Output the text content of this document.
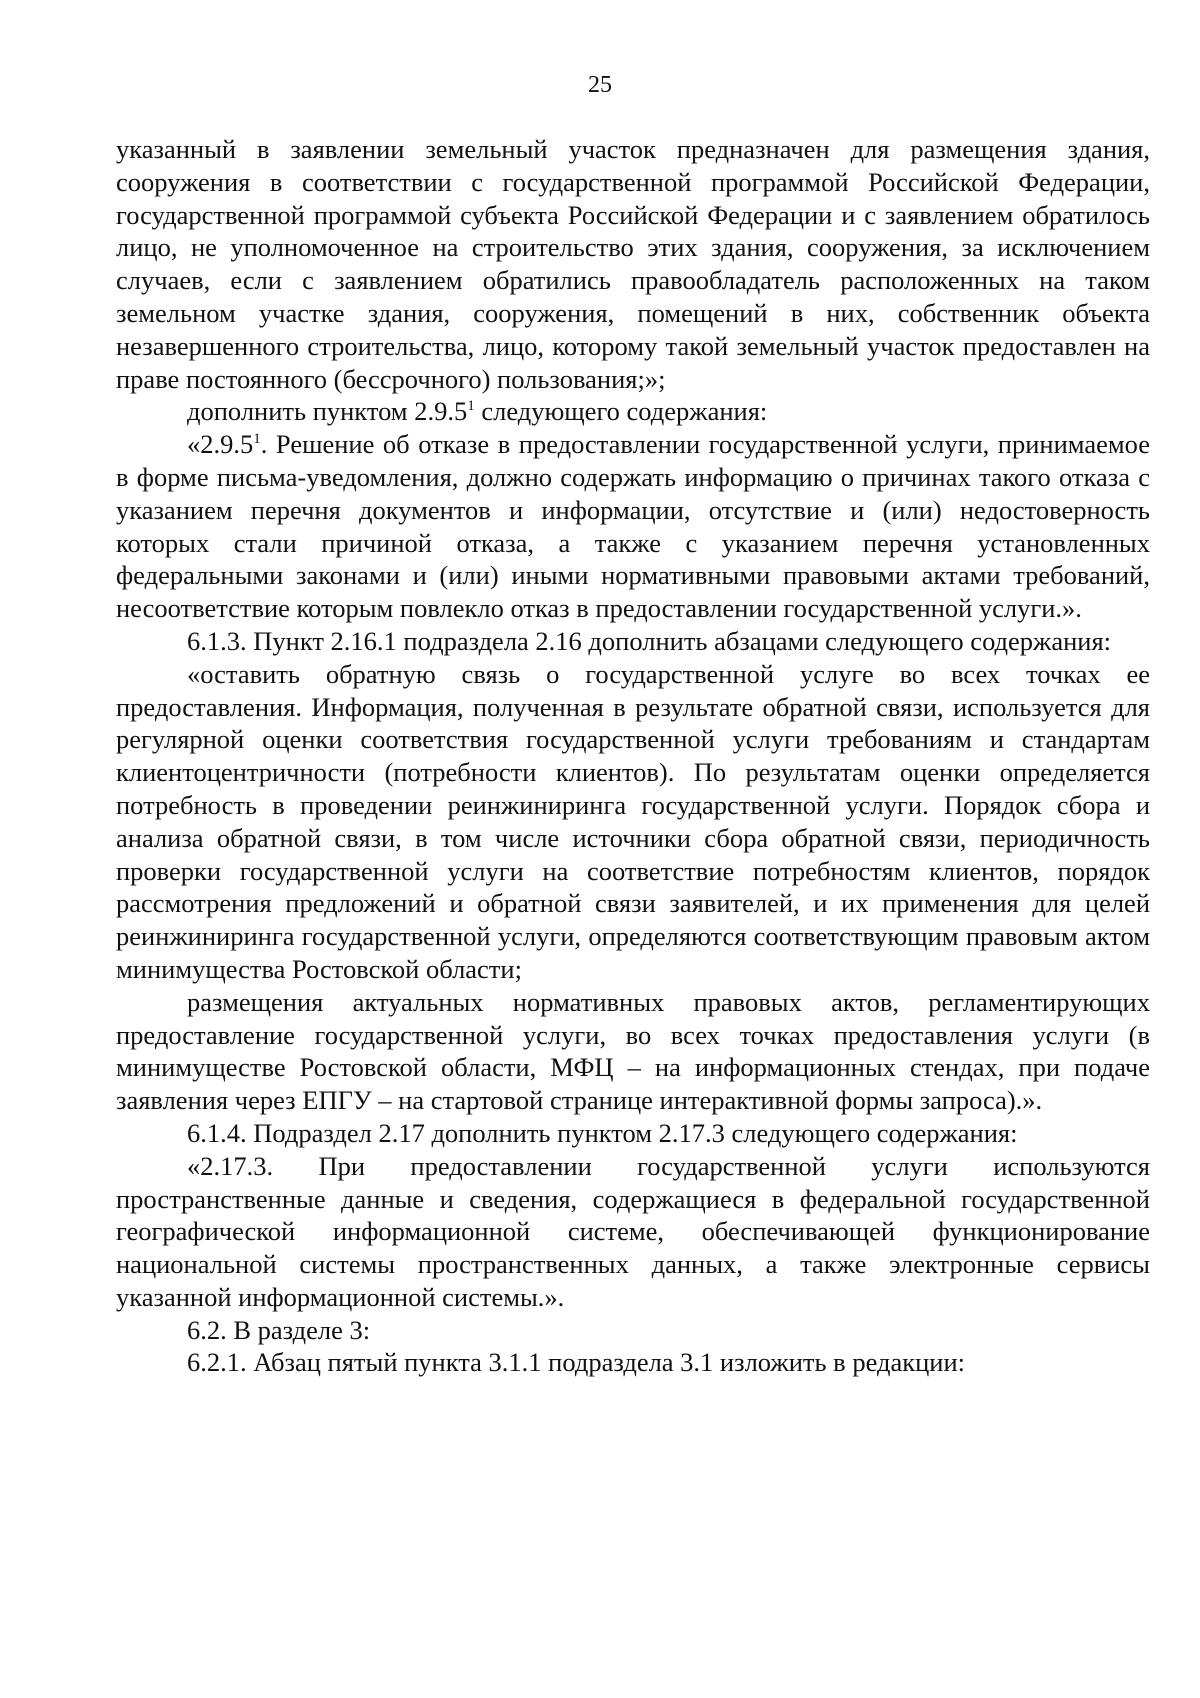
25

указанный в заявлении земельный участок предназначен для размещения здания, сооружения в соответствии с государственной программой Российской Федерации, государственной программой субъекта Российской Федерации и с заявлением обратилось лицо, не уполномоченное на строительство этих здания, сооружения, за исключением случаев, если с заявлением обратились правообладатель расположенных на таком земельном участке здания, сооружения, помещений в них, собственник объекта незавершенного строительства, лицо, которому такой земельный участок предоставлен на праве постоянного (бессрочного) пользования;»;

дополнить пунктом 2.9.5$^1$ следующего содержания:

«2.9.5$^1$. Решение об отказе в предоставлении государственной услуги, принимаемое в форме письма-уведомления, должно содержать информацию о причинах такого отказа с указанием перечня документов и информации, отсутствие и (или) недостоверность которых стали причиной отказа, а также с указанием перечня установленных федеральными законами и (или) иными нормативными правовыми актами требований, несоответствие которым повлекло отказ в предоставлении государственной услуги.».

6.1.3. Пункт 2.16.1 подраздела 2.16 дополнить абзацами следующего содержания:

«оставить обратную связь о государственной услуге во всех точках ее предоставления. Информация, полученная в результате обратной связи, используется для регулярной оценки соответствия государственной услуги требованиям и стандартам клиентоцентричности (потребности клиентов). По результатам оценки определяется потребность в проведении реинжиниринга государственной услуги. Порядок сбора и анализа обратной связи, в том числе источники сбора обратной связи, периодичность проверки государственной услуги на соответствие потребностям клиентов, порядок рассмотрения предложений и обратной связи заявителей, и их применения для целей реинжиниринга государственной услуги, определяются соответствующим правовым актом минимущества Ростовской области;

размещения актуальных нормативных правовых актов, регламентирующих предоставление государственной услуги, во всех точках предоставления услуги (в минимуществе Ростовской области, МФЦ – на информационных стендах, при подаче заявления через ЕПГУ – на стартовой странице интерактивной формы запроса).».

6.1.4. Подраздел 2.17 дополнить пунктом 2.17.3 следующего содержания:

«2.17.3. При предоставлении государственной услуги используются пространственные данные и сведения, содержащиеся в федеральной государственной географической информационной системе, обеспечивающей функционирование национальной системы пространственных данных, а также электронные сервисы указанной информационной системы.».

6.2. В разделе 3:

6.2.1. Абзац пятый пункта 3.1.1 подраздела 3.1 изложить в редакции:
